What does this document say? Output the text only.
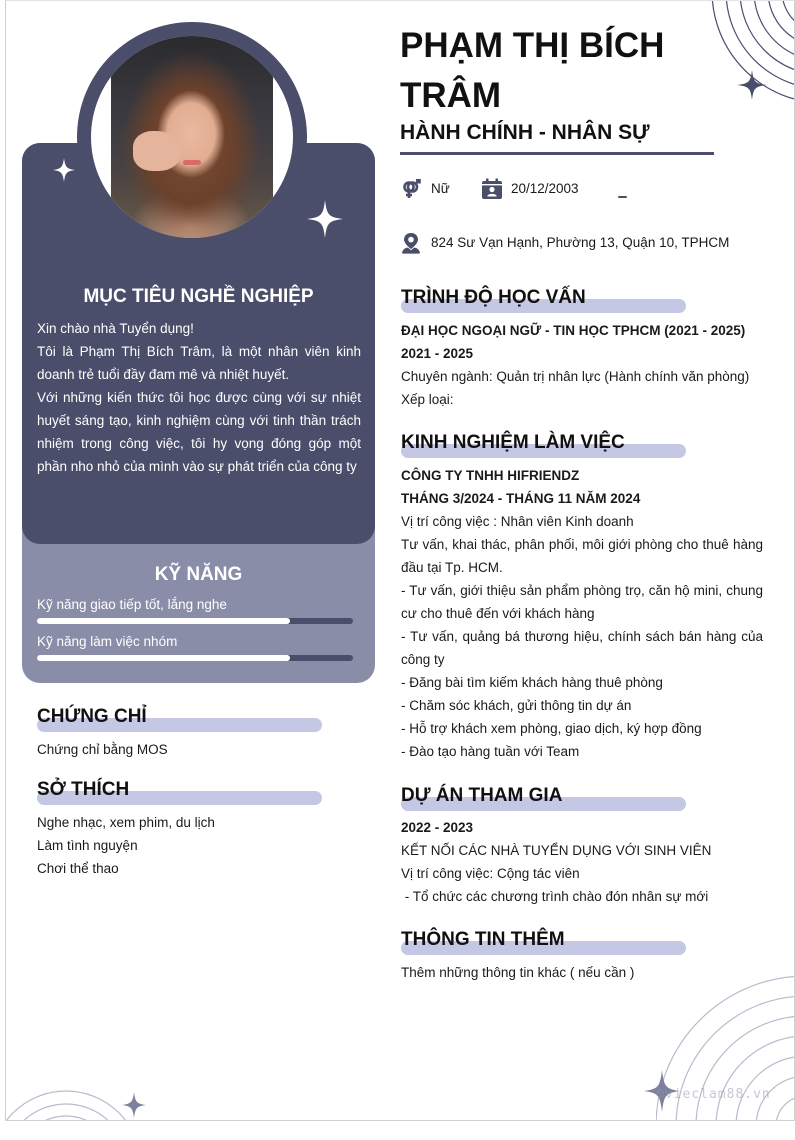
MỤC TIÊU NGHỀ NGHIỆP

Xin chào nhà Tuyển dụng!

Tôi là Phạm Thị Bích Trâm, là một nhân viên kinh doanh trẻ tuổi đầy đam mê và nhiệt huyết.

Với những kiến thức tôi học được cùng với sự nhiệt huyết sáng tạo, kinh nghiệm cùng với tinh thần trách nhiệm trong công việc, tôi hy vọng đóng góp một phần nho nhỏ của mình vào sự phát triển của công ty

KỸ NĂNG
Kỹ năng giao tiếp tốt, lắng nghe
Kỹ năng làm việc nhóm
CHỨNG CHỈ
Chứng chỉ bằng MOS
SỞ THÍCH
Nghe nhạc, xem phim, du lịch
Làm tình nguyện
Chơi thể thao
PHẠM THỊ BÍCH
TRÂM
HÀNH CHÍNH - NHÂN SỰ
Nữ	20/12/2003
824 Sư Vạn Hạnh, Phường 13, Quận 10, TPHCM
TRÌNH ĐỘ HỌC VẤN
ĐẠI HỌC NGOẠI NGỮ - TIN HỌC TPHCM (2021 - 2025)
2021 - 2025
Chuyên ngành: Quản trị nhân lực (Hành chính văn phòng)
Xếp loại:
KINH NGHIỆM LÀM VIỆC
CÔNG TY TNHH HIFRIENDZ
THÁNG 3/2024 - THÁNG 11 NĂM 2024
Vị trí công việc : Nhân viên Kinh doanh
Tư vấn, khai thác, phân phối, môi giới phòng cho thuê hàng đầu tại Tp. HCM.
- Tư vấn, giới thiệu sản phẩm phòng trọ, căn hộ mini, chung cư cho thuê đến với khách hàng
- Tư vấn, quảng bá thương hiệu, chính sách bán hàng của công ty
- Đăng bài tìm kiếm khách hàng thuê phòng
- Chăm sóc khách, gửi thông tin dự án
- Hỗ trợ khách xem phòng, giao dịch, ký hợp đồng
- Đào tạo hàng tuần với Team
DỰ ÁN THAM GIA
2022 - 2023
KẾT NỐI CÁC NHÀ TUYỂN DỤNG VỚI SINH VIÊN
Vị trí công việc: Cộng tác viên
- Tổ chức các chương trình chào đón nhân sự mới
THÔNG TIN THÊM
Thêm những thông tin khác ( nếu cần )
©vieclam88.vn
